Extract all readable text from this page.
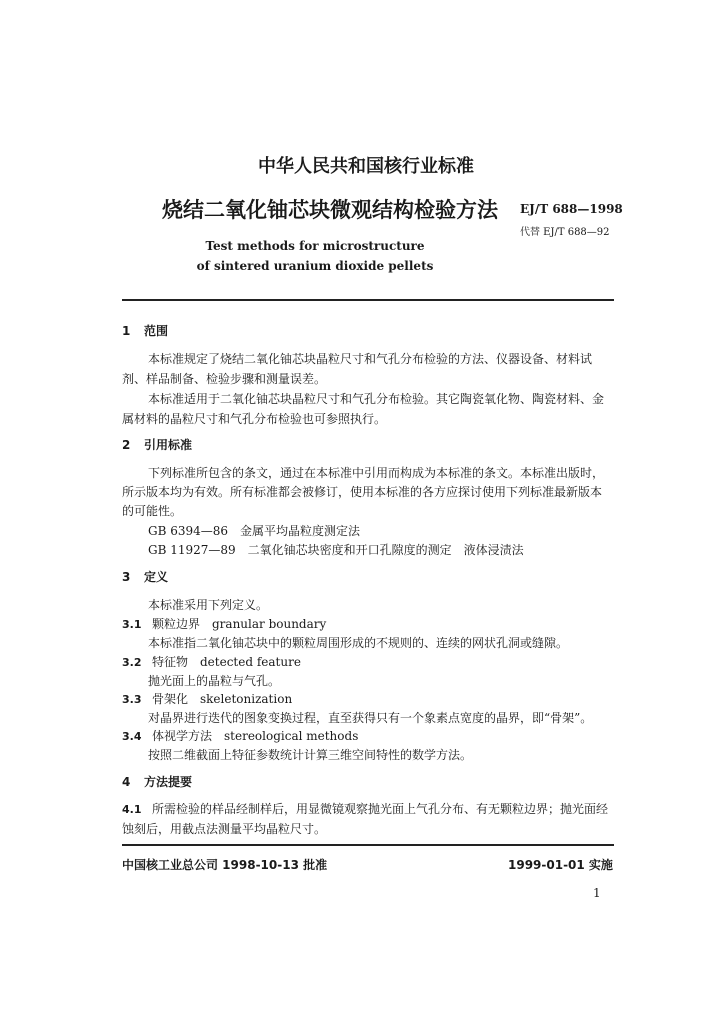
中华人民共和国核行业标准
烧结二氧化铀芯块微观结构检验方法 EJ/T 688—1998
代替 EJ/T 688—92
Test methods for microstructure
of sintered uranium dioxide pellets
1 范围
本标准规定了烧结二氧化铀芯块晶粒尺寸和气孔分布检验的方法、仪器设备、材料试
剂、样品制备、检验步骤和测量误差。
本标准适用于二氧化铀芯块晶粒尺寸和气孔分布检验。其它陶瓷氧化物、陶瓷材料、金
属材料的晶粒尺寸和气孔分布检验也可参照执行。
2 引用标准
下列标准所包含的条文，通过在本标准中引用而构成为本标准的条文。本标准出版时，
所示版本均为有效。所有标准都会被修订，使用本标准的各方应探讨使用下列标准最新版本
的可能性。
GB 6394—86　金属平均晶粒度测定法
GB 11927—89　二氧化铀芯块密度和开口孔隙度的测定　液体浸渍法
3 定义
本标准采用下列定义。
3.1 颗粒边界　granular boundary
本标准指二氧化铀芯块中的颗粒周围形成的不规则的、连续的网状孔洞或缝隙。
3.2 特征物　detected feature
抛光面上的晶粒与气孔。
3.3 骨架化　skeletonization
对晶界进行迭代的图象变换过程，直至获得只有一个象素点宽度的晶界，即“骨架”。
3.4 体视学方法　stereological methods
按照二维截面上特征参数统计计算三维空间特性的数学方法。
4 方法提要
4.1 所需检验的样品经制样后，用显微镜观察抛光面上气孔分布、有无颗粒边界；抛光面经
蚀刻后，用截点法测量平均晶粒尺寸。
中国核工业总公司 1998-10-13 批准	1999-01-01 实施
1
